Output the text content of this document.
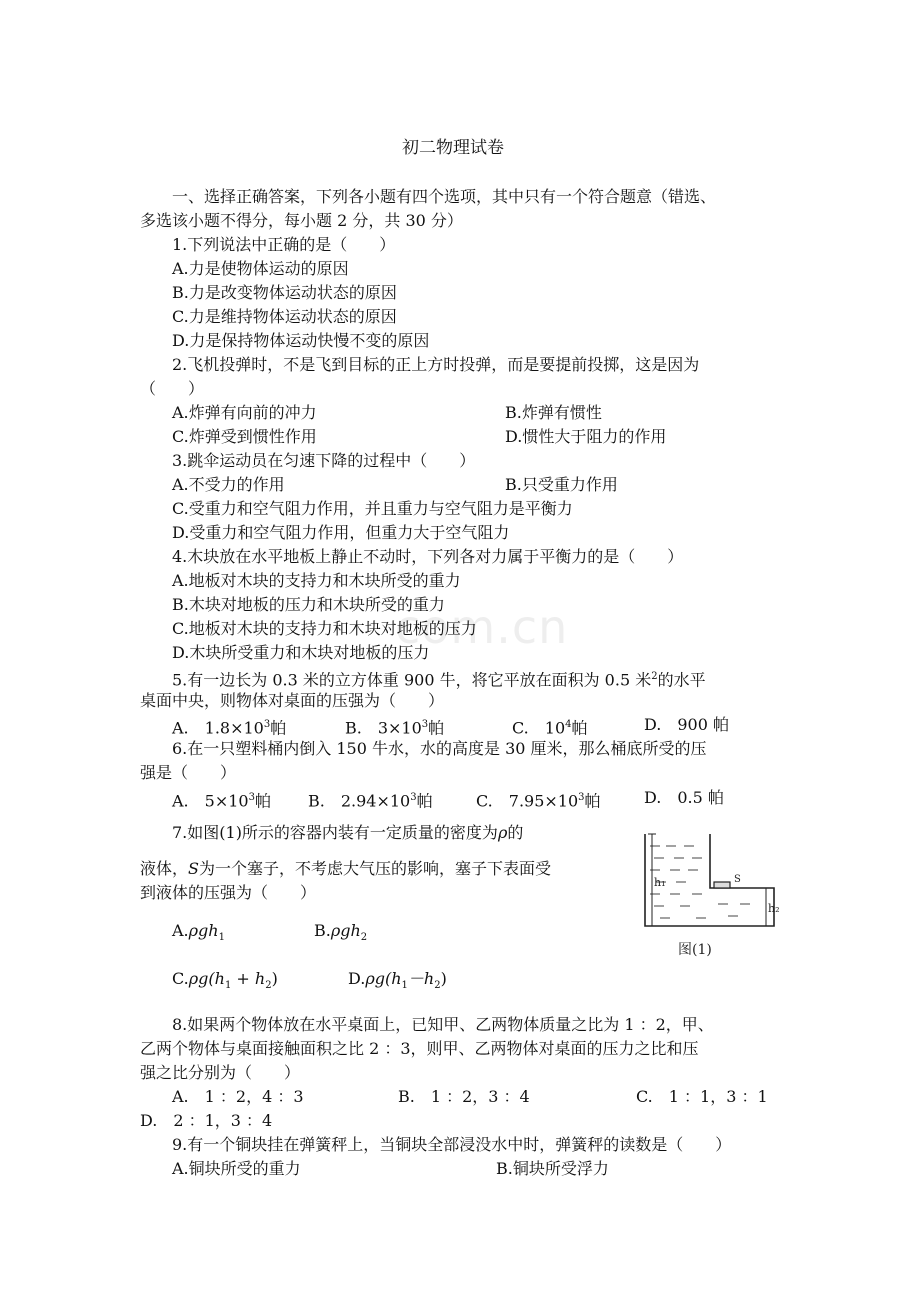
com.cn
初二物理试卷
一、选择正确答案，下列各小题有四个选项，其中只有一个符合题意（错选、
多选该小题不得分，每小题 2 分，共 30 分）
1.下列说法中正确的是（　　）
A.力是使物体运动的原因
B.力是改变物体运动状态的原因
C.力是维持物体运动状态的原因
D.力是保持物体运动快慢不变的原因
2.飞机投弹时，不是飞到目标的正上方时投弹，而是要提前投掷，这是因为
（　　）
A.炸弹有向前的冲力	B.炸弹有惯性
C.炸弹受到惯性作用	D.惯性大于阻力的作用
3.跳伞运动员在匀速下降的过程中（　　）
A.不受力的作用	B.只受重力作用
C.受重力和空气阻力作用，并且重力与空气阻力是平衡力
D.受重力和空气阻力作用，但重力大于空气阻力
4.木块放在水平地板上静止不动时，下列各对力属于平衡力的是（　　）
A.地板对木块的支持力和木块所受的重力
B.木块对地板的压力和木块所受的重力
C.地板对木块的支持力和木块对地板的压力
D.木块所受重力和木块对地板的压力
5.有一边长为 0.3 米的立方体重 900 牛，将它平放在面积为 0.5 米$^2$的水平
桌面中央，则物体对桌面的压强为（　　）
A.　$1.8\times 10^3$帕	B.　$3\times 10^3$帕	C.　$10^4$帕	D.　900 帕
6.在一只塑料桶内倒入 150 牛水，水的高度是 30 厘米，那么桶底所受的压
强是（　　）
A.　$5\times 10^3$帕 B.　$2.94\times 10^3$帕	C.　$7.95\times 10^3$帕	D.　0.5 帕
7.如图(1)所示的容器内装有一定质量的密度为ρ的
液体，S为一个塞子，不考虑大气压的影响，塞子下表面受
到液体的压强为（　　）
A.ρgh$_1$	B.ρgh$_2$
$C.\rho g(h_1 + h_2)$	$D.\rho g(h_1-h_2)$
S
h₁
h₂
图(1)
8.如果两个物体放在水平桌面上，已知甲、乙两物体质量之比为 1 ：2，甲、
乙两个物体与桌面接触面积之比 2 ：3，则甲、乙两物体对桌面的压力之比和压
强之比分别为（　　）
A.　1 ：2，4 ：3	B.　1 ：2，3 ：4	C.　1 ：1，3 ：1
D.　2 ：1，3 ：4
9.有一个铜块挂在弹簧秤上，当铜块全部浸没水中时，弹簧秤的读数是（　　）
A.铜块所受的重力	B.铜块所受浮力
